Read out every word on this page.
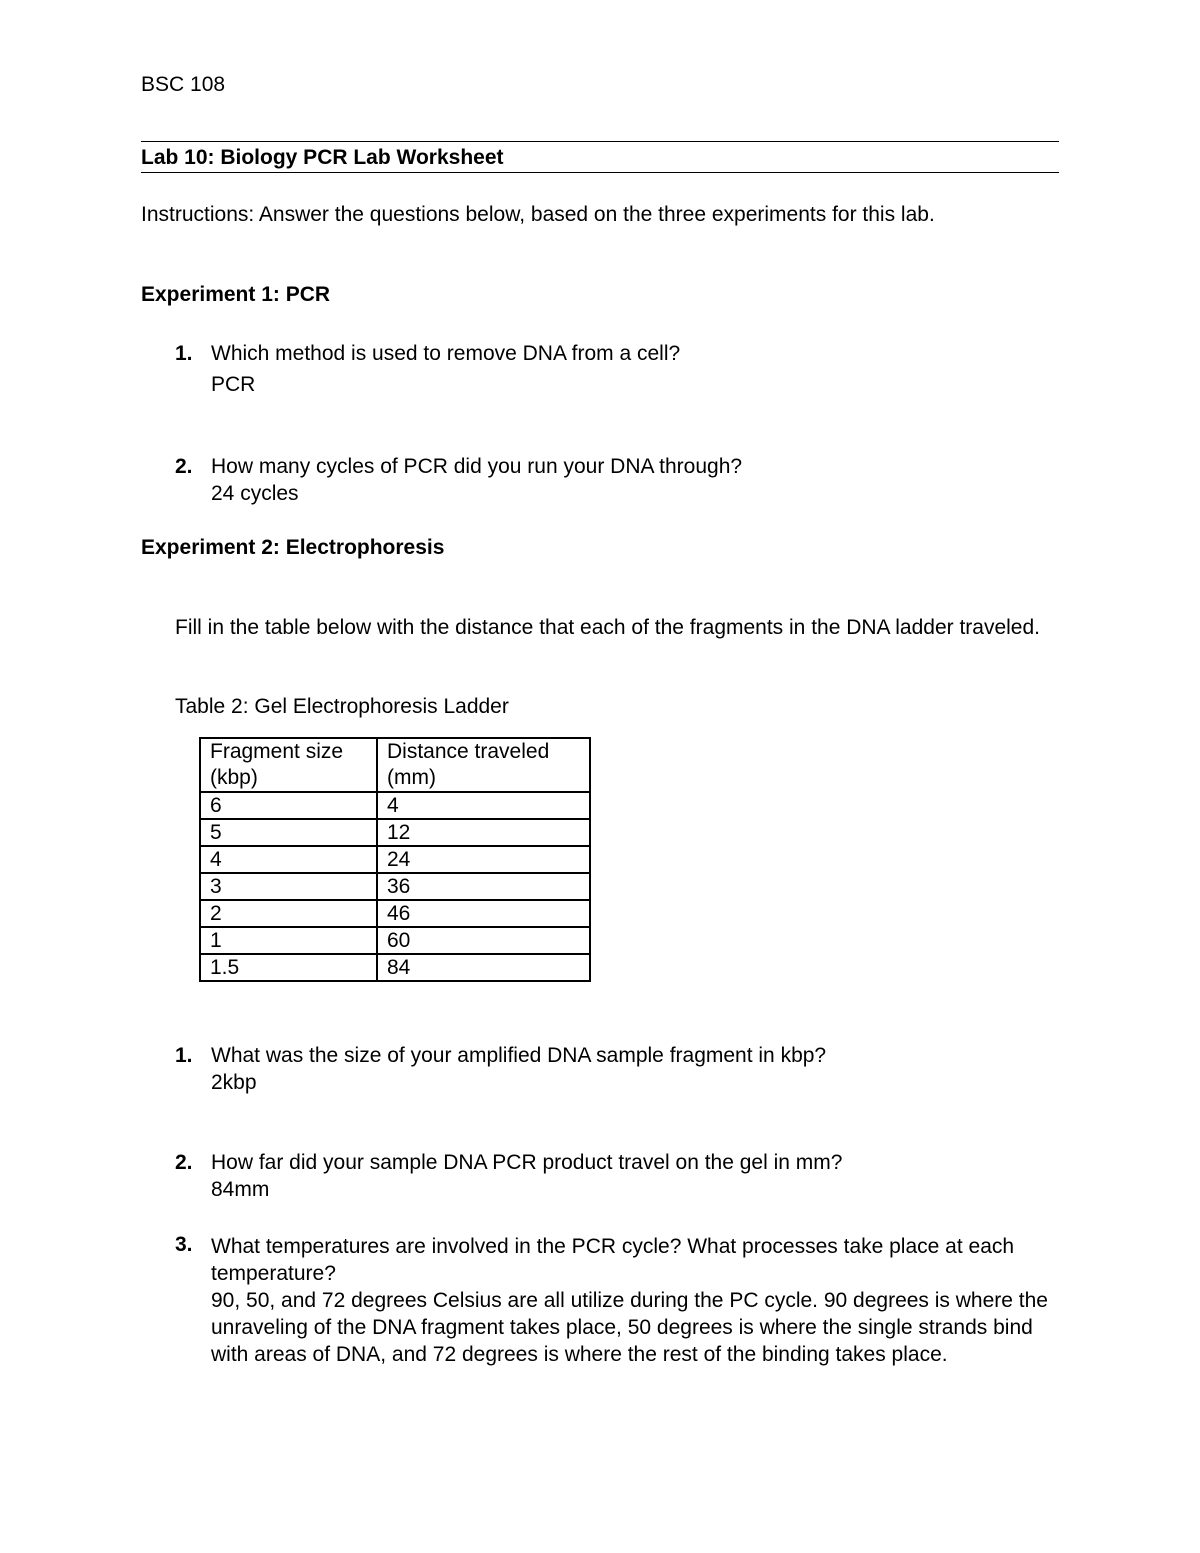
BSC 108
Lab 10: Biology PCR Lab Worksheet
Instructions: Answer the questions below, based on the three experiments for this lab.
Experiment 1: PCR
1. Which method is used to remove DNA from a cell?
PCR
2. How many cycles of PCR did you run your DNA through?
24 cycles
Experiment 2: Electrophoresis
Fill in the table below with the distance that each of the fragments in the DNA ladder traveled.
Table 2: Gel Electrophoresis Ladder
Fragment size (kbp)	Distance traveled (mm)
6	4
5	12
4	24
3	36
2	46
1	60
1.5	84
1. What was the size of your amplified DNA sample fragment in kbp?
2kbp
2. How far did your sample DNA PCR product travel on the gel in mm?
84mm
3. What temperatures are involved in the PCR cycle? What processes take place at each temperature?
90, 50, and 72 degrees Celsius are all utilize during the PC cycle. 90 degrees is where the unraveling of the DNA fragment takes place, 50 degrees is where the single strands bind with areas of DNA, and 72 degrees is where the rest of the binding takes place.
